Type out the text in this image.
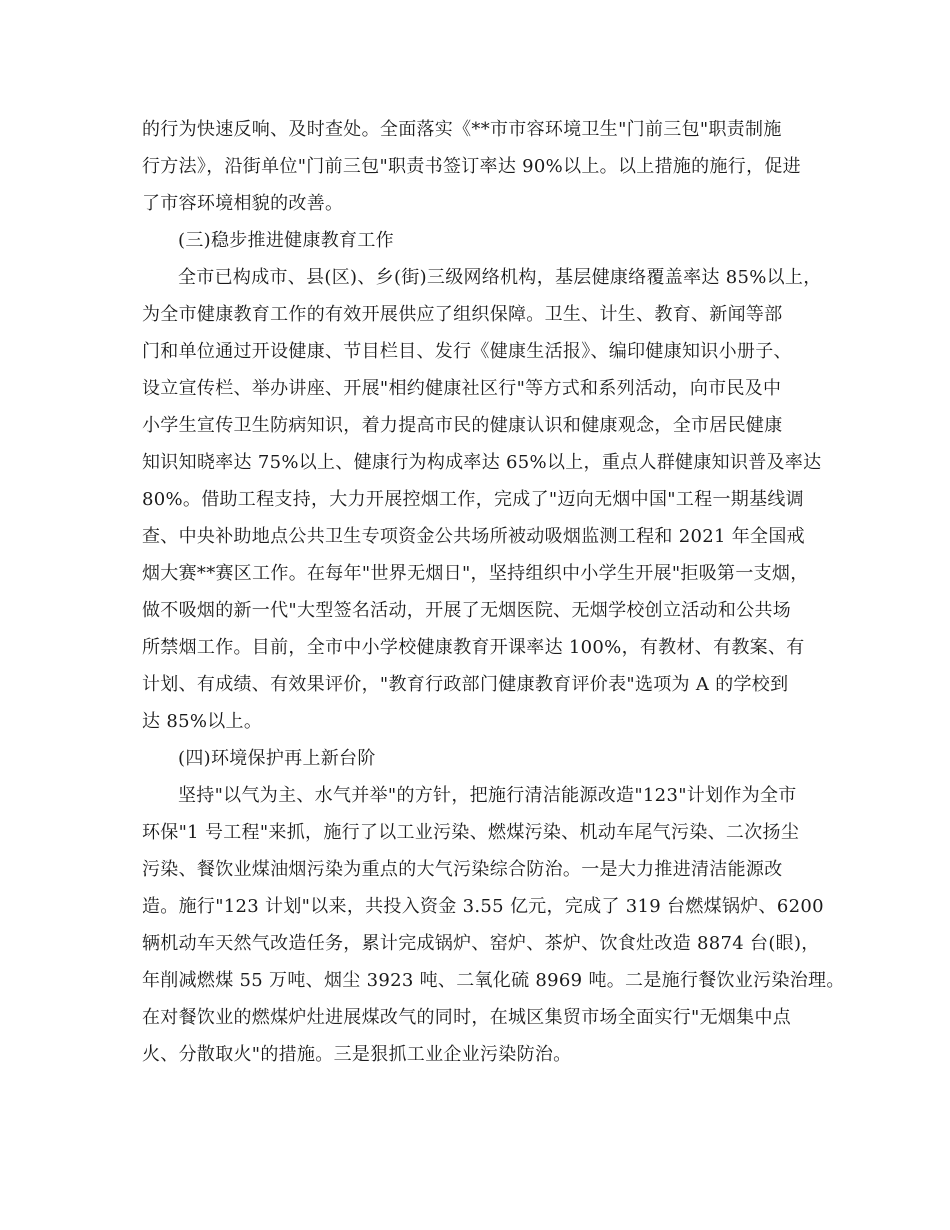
的行为快速反响、及时查处。全面落实《**市市容环境卫生"门前三包"职责制施
行方法》，沿街单位"门前三包"职责书签订率达 90%以上。以上措施的施行，促进
了市容环境相貌的改善。
(三)稳步推进健康教育工作
全市已构成市、县(区)、乡(街)三级网络机构，基层健康络覆盖率达 85%以上，
为全市健康教育工作的有效开展供应了组织保障。卫生、计生、教育、新闻等部
门和单位通过开设健康、节目栏目、发行《健康生活报》、编印健康知识小册子、
设立宣传栏、举办讲座、开展"相约健康社区行"等方式和系列活动，向市民及中
小学生宣传卫生防病知识，着力提高市民的健康认识和健康观念，全市居民健康
知识知晓率达 75%以上、健康行为构成率达 65%以上，重点人群健康知识普及率达
80%。借助工程支持，大力开展控烟工作，完成了"迈向无烟中国"工程一期基线调
查、中央补助地点公共卫生专项资金公共场所被动吸烟监测工程和 2021 年全国戒
烟大赛**赛区工作。在每年"世界无烟日"，坚持组织中小学生开展"拒吸第一支烟，
做不吸烟的新一代"大型签名活动，开展了无烟医院、无烟学校创立活动和公共场
所禁烟工作。目前，全市中小学校健康教育开课率达 100%，有教材、有教案、有
计划、有成绩、有效果评价，"教育行政部门健康教育评价表"选项为 A 的学校到
达 85%以上。
(四)环境保护再上新台阶
坚持"以气为主、水气并举"的方针，把施行清洁能源改造"123"计划作为全市
环保"1 号工程"来抓，施行了以工业污染、燃煤污染、机动车尾气污染、二次扬尘
污染、餐饮业煤油烟污染为重点的大气污染综合防治。一是大力推进清洁能源改
造。施行"123 计划"以来，共投入资金 3.55 亿元，完成了 319 台燃煤锅炉、6200
辆机动车天然气改造任务，累计完成锅炉、窑炉、茶炉、饮食灶改造 8874 台(眼)，
年削减燃煤 55 万吨、烟尘 3923 吨、二氧化硫 8969 吨。二是施行餐饮业污染治理。
在对餐饮业的燃煤炉灶进展煤改气的同时，在城区集贸市场全面实行"无烟集中点
火、分散取火"的措施。三是狠抓工业企业污染防治。
